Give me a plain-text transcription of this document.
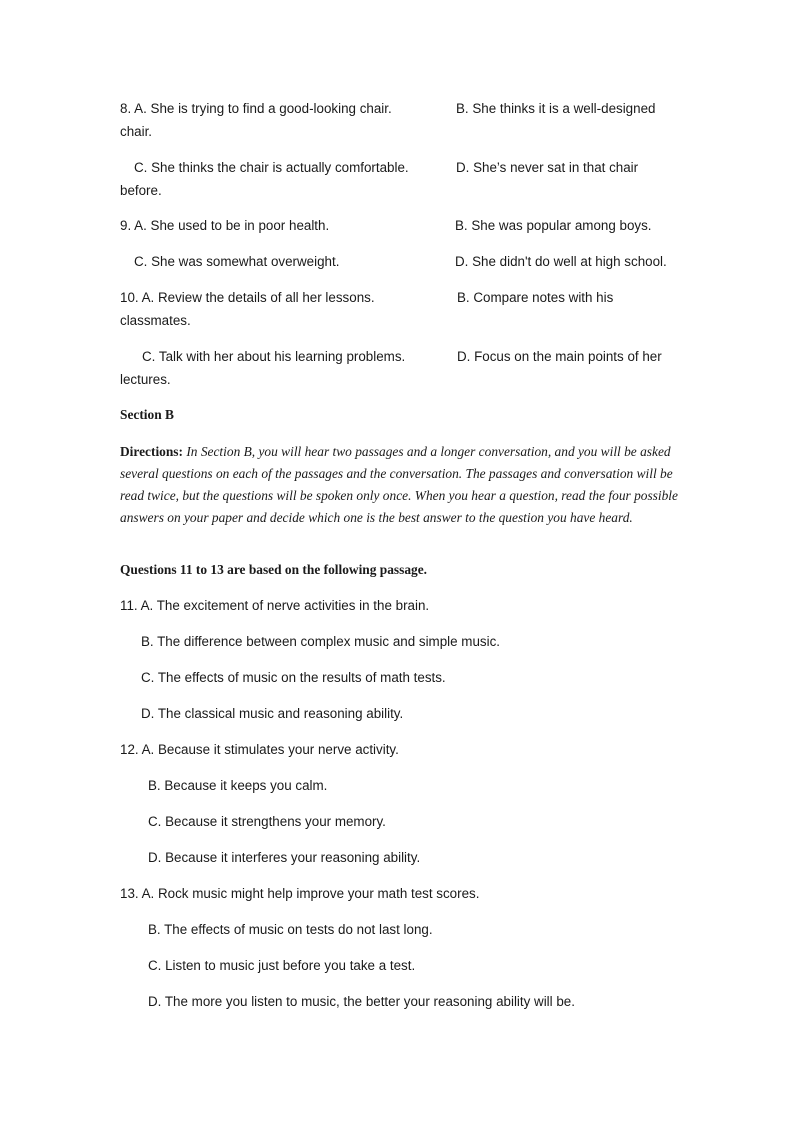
8. A. She is trying to find a good-looking chair.	B. She thinks it is a well-designed
chair.
C. She thinks the chair is actually comfortable.	D. She’s never sat in that chair
before.
9. A. She used to be in poor health.	B. She was popular among boys.
C. She was somewhat overweight.	D. She didn't do well at high school.
10. A. Review the details of all her lessons.	B. Compare notes with his
classmates.
C. Talk with her about his learning problems.	D. Focus on the main points of her
lectures.
Section B
Directions: In Section B, you will hear two passages and a longer conversation, and you will be asked several questions on each of the passages and the conversation. The passages and conversation will be read twice, but the questions will be spoken only once. When you hear a question, read the four possible answers on your paper and decide which one is the best answer to the question you have heard.
Questions 11 to 13 are based on the following passage.
11. A. The excitement of nerve activities in the brain.
B. The difference between complex music and simple music.
C. The effects of music on the results of math tests.
D. The classical music and reasoning ability.
12. A. Because it stimulates your nerve activity.
B. Because it keeps you calm.
C. Because it strengthens your memory.
D. Because it interferes your reasoning ability.
13. A. Rock music might help improve your math test scores.
B. The effects of music on tests do not last long.
C. Listen to music just before you take a test.
D. The more you listen to music, the better your reasoning ability will be.
